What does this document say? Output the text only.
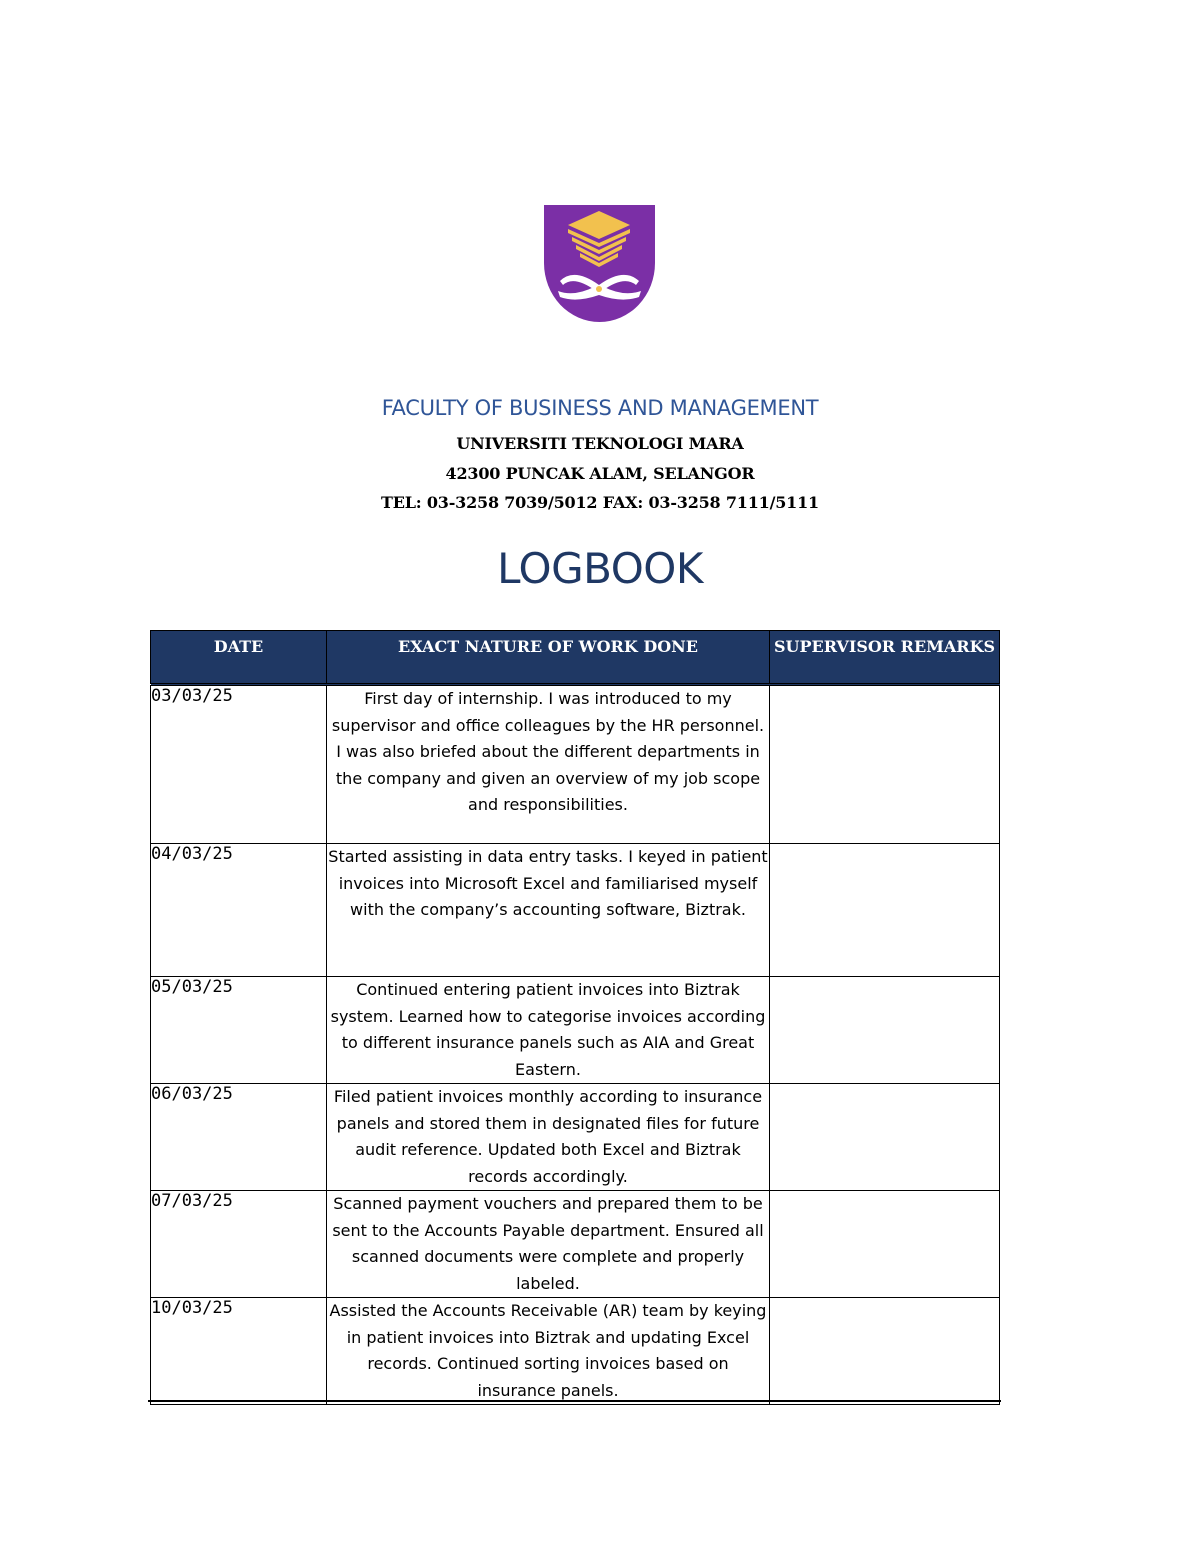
FACULTY OF BUSINESS AND MANAGEMENT
UNIVERSITI TEKNOLOGI MARA
42300 PUNCAK ALAM, SELANGOR
TEL: 03-3258 7039/5012 FAX: 03-3258 7111/5111
LOGBOOK
DATE	EXACT NATURE OF WORK DONE	SUPERVISOR REMARKS
03/03/25	First day of internship. I was introduced to my supervisor and office colleagues by the HR personnel. I was also briefed about the different departments in the company and given an overview of my job scope and responsibilities.	
04/03/25	Started assisting in data entry tasks. I keyed in patient invoices into Microsoft Excel and familiarised myself with the company’s accounting software, Biztrak.	
05/03/25	Continued entering patient invoices into Biztrak system. Learned how to categorise invoices according to different insurance panels such as AIA and Great Eastern.	
06/03/25	Filed patient invoices monthly according to insurance panels and stored them in designated files for future audit reference. Updated both Excel and Biztrak records accordingly.	
07/03/25	Scanned payment vouchers and prepared them to be sent to the Accounts Payable department. Ensured all scanned documents were complete and properly labeled.	
10/03/25	Assisted the Accounts Receivable (AR) team by keying in patient invoices into Biztrak and updating Excel records. Continued sorting invoices based on insurance panels.	
